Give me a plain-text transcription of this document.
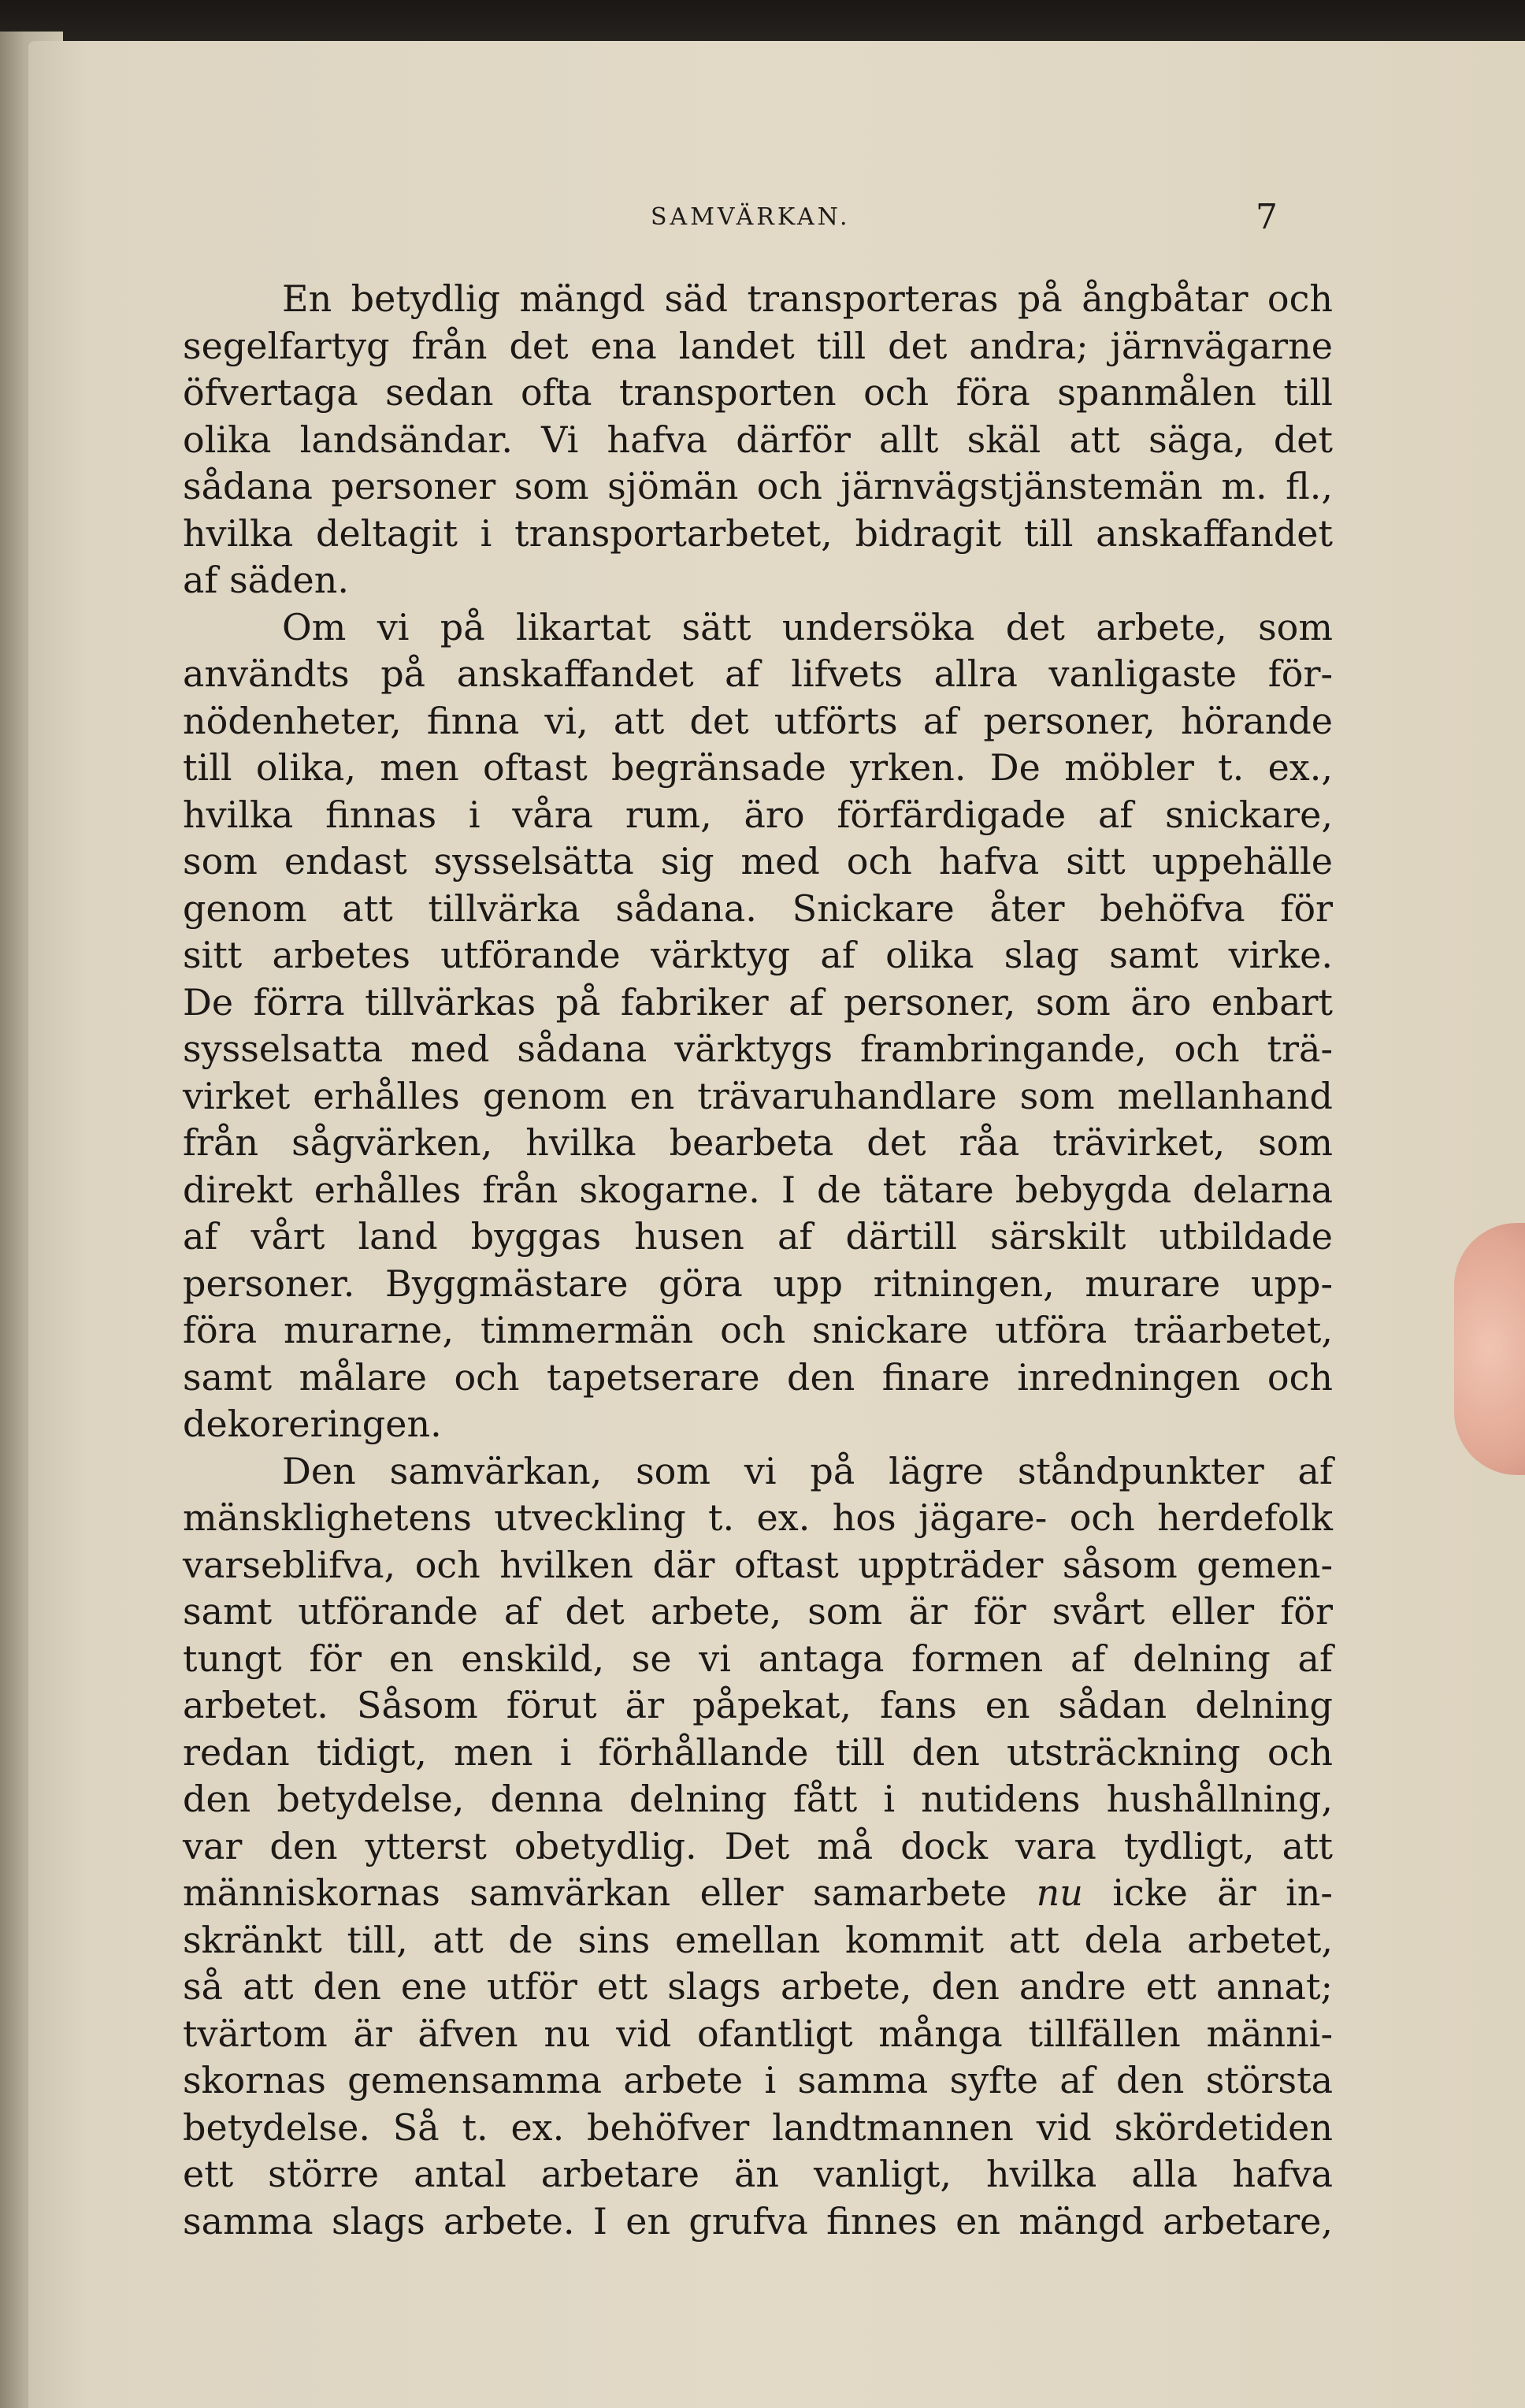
SAMVÄRKAN.	7
En betydlig mängd säd transporteras på ångbåtar och
segelfartyg från det ena landet till det andra; järnvägarne
öfvertaga sedan ofta transporten och föra spanmålen till
olika landsändar. Vi hafva därför allt skäl att säga, det
sådana personer som sjömän och järnvägstjänstemän m. fl.,
hvilka deltagit i transportarbetet, bidragit till anskaffandet
af säden.
Om vi på likartat sätt undersöka det arbete, som
användts på anskaffandet af lifvets allra vanligaste för-
nödenheter, finna vi, att det utförts af personer, hörande
till olika, men oftast begränsade yrken. De möbler t. ex.,
hvilka finnas i våra rum, äro förfärdigade af snickare,
som endast sysselsätta sig med och hafva sitt uppehälle
genom att tillvärka sådana. Snickare åter behöfva för
sitt arbetes utförande värktyg af olika slag samt virke.
De förra tillvärkas på fabriker af personer, som äro enbart
sysselsatta med sådana värktygs frambringande, och trä-
virket erhålles genom en trävaruhandlare som mellanhand
från sågvärken, hvilka bearbeta det råa trävirket, som
direkt erhålles från skogarne. I de tätare bebygda delarna
af vårt land byggas husen af därtill särskilt utbildade
personer. Byggmästare göra upp ritningen, murare upp-
föra murarne, timmermän och snickare utföra träarbetet,
samt målare och tapetserare den finare inredningen och
dekoreringen.
Den samvärkan, som vi på lägre ståndpunkter af
mänsklighetens utveckling t. ex. hos jägare- och herdefolk
varseblifva, och hvilken där oftast uppträder såsom gemen-
samt utförande af det arbete, som är för svårt eller för
tungt för en enskild, se vi antaga formen af delning af
arbetet. Såsom förut är påpekat, fans en sådan delning
redan tidigt, men i förhållande till den utsträckning och
den betydelse, denna delning fått i nutidens hushållning,
var den ytterst obetydlig. Det må dock vara tydligt, att
människornas samvärkan eller samarbete nu icke är in-
skränkt till, att de sins emellan kommit att dela arbetet,
så att den ene utför ett slags arbete, den andre ett annat;
tvärtom är äfven nu vid ofantligt många tillfällen männi-
skornas gemensamma arbete i samma syfte af den största
betydelse. Så t. ex. behöfver landtmannen vid skördetiden
ett större antal arbetare än vanligt, hvilka alla hafva
samma slags arbete. I en grufva finnes en mängd arbetare,
